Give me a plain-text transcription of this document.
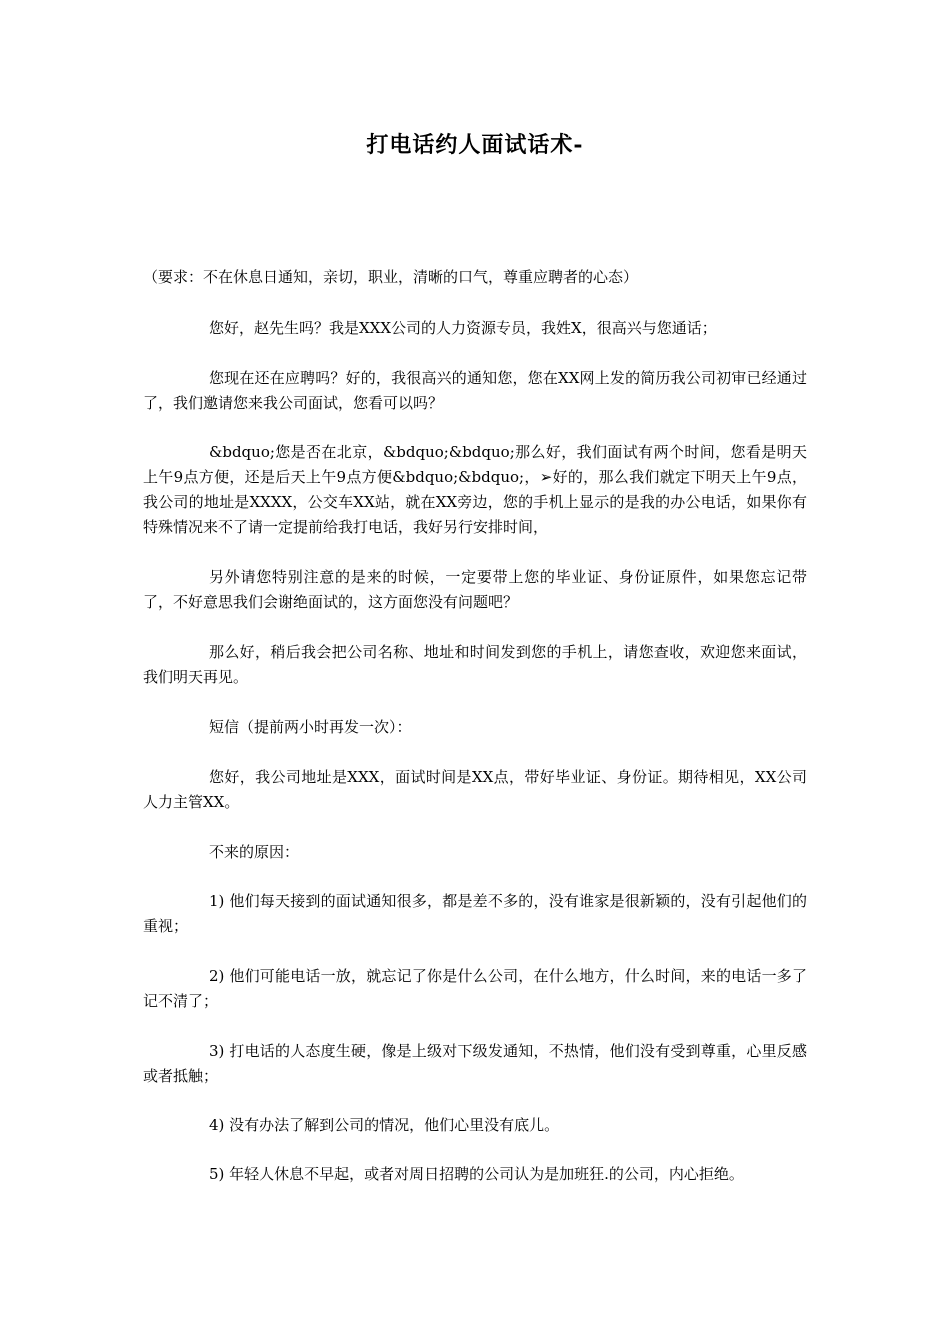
打电话约人面试话术-
（要求：不在休息日通知，亲切，职业，清晰的口气，尊重应聘者的心态）
您好，赵先生吗？我是XXX公司的人力资源专员，我姓X，很高兴与您通话；
您现在还在应聘吗？好的，我很高兴的通知您，您在XX网上发的简历我公司初审已经通过了，我们邀请您来我公司面试，您看可以吗？
&bdquo;您是否在北京，&bdquo;&bdquo;那么好，我们面试有两个时间，您看是明天上午9点方便，还是后天上午9点方便&bdquo;&bdquo;，➢好的，那么我们就定下明天上午9点，我公司的地址是XXXX，公交车XX站，就在XX旁边，您的手机上显示的是我的办公电话，如果你有特殊情况来不了请一定提前给我打电话，我好另行安排时间，
另外请您特别注意的是来的时候，一定要带上您的毕业证、身份证原件，如果您忘记带了，不好意思我们会谢绝面试的，这方面您没有问题吧？
那么好，稍后我会把公司名称、地址和时间发到您的手机上，请您查收，欢迎您来面试，我们明天再见。
短信（提前两小时再发一次）：
您好，我公司地址是XXX，面试时间是XX点，带好毕业证、身份证。期待相见，XX公司人力主管XX。
不来的原因：
1) 他们每天接到的面试通知很多，都是差不多的，没有谁家是很新颖的，没有引起他们的重视；
2) 他们可能电话一放，就忘记了你是什么公司，在什么地方，什么时间，来的电话一多了记不清了；
3) 打电话的人态度生硬，像是上级对下级发通知，不热情，他们没有受到尊重，心里反感或者抵触；
4) 没有办法了解到公司的情况，他们心里没有底儿。
5) 年轻人休息不早起，或者对周日招聘的公司认为是加班狂.的公司，内心拒绝。
